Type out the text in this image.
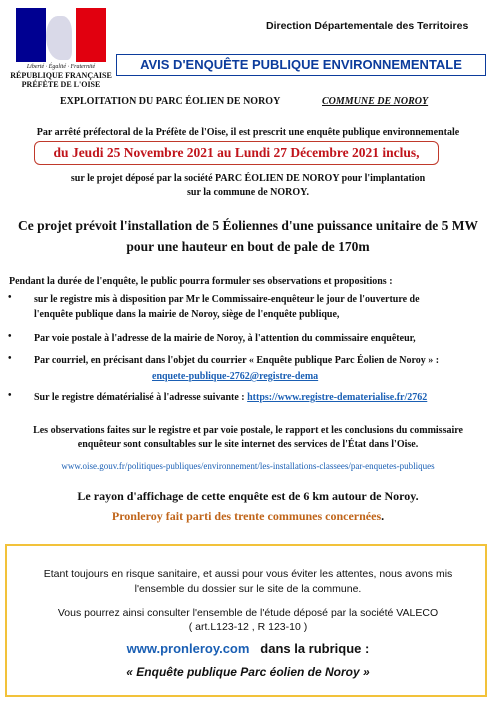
Liberté · Égalité · Fraternité
RÉPUBLIQUE FRANÇAISE
PRÉFÈTE DE L'OISE
Direction Départementale des Territoires
AVIS D'ENQUÊTE PUBLIQUE ENVIRONNEMENTALE
EXPLOITATION DU PARC ÉOLIEN DE NOROY	COMMUNE DE NOROY
Par arrêté préfectoral de la Préfète de l'Oise, il est prescrit une enquête publique environnementale
du Jeudi 25 Novembre 2021 au Lundi 27 Décembre 2021 inclus,
sur le projet déposé par la société PARC ÉOLIEN DE NOROY pour l'implantation
sur la commune de NOROY.
Ce projet prévoit l'installation de 5 Éoliennes d'une puissance unitaire de 5 MW
pour une hauteur en bout de pale de 170m
Pendant la durée de l'enquête, le public pourra formuler ses observations et propositions :
• sur le registre mis à disposition par Mr le Commissaire-enquêteur le jour de l'ouverture de
l'enquête publique dans la mairie de Noroy, siège de l'enquête publique,
• Par voie postale à l'adresse de la mairie de Noroy, à l'attention du commissaire enquêteur,
• Par courriel, en précisant dans l'objet du courrier « Enquête publique Parc Éolien de Noroy » :
enquete-publique-2762@registre-dema
• Sur le registre dématérialisé à l'adresse suivante : https://www.registre-dematerialise.fr/2762
Les observations faites sur le registre et par voie postale, le rapport et les conclusions du commissaire
enquêteur sont consultables sur le site internet des services de l'État dans l'Oise.
www.oise.gouv.fr/politiques-publiques/environnement/les-installations-classees/par-enquetes-publiques
Le rayon d'affichage de cette enquête est de 6 km autour de Noroy.
Pronleroy fait parti des trente communes concernées.
Etant toujours en risque sanitaire, et aussi pour vous éviter les attentes, nous avons mis
l'ensemble du dossier sur le site de la commune.
Vous pourrez ainsi consulter l'ensemble de l'étude déposé par la société VALECO
( art.L123-12 , R 123-10 )
www.pronleroy.com   dans la rubrique :
« Enquête publique Parc éolien de Noroy »
